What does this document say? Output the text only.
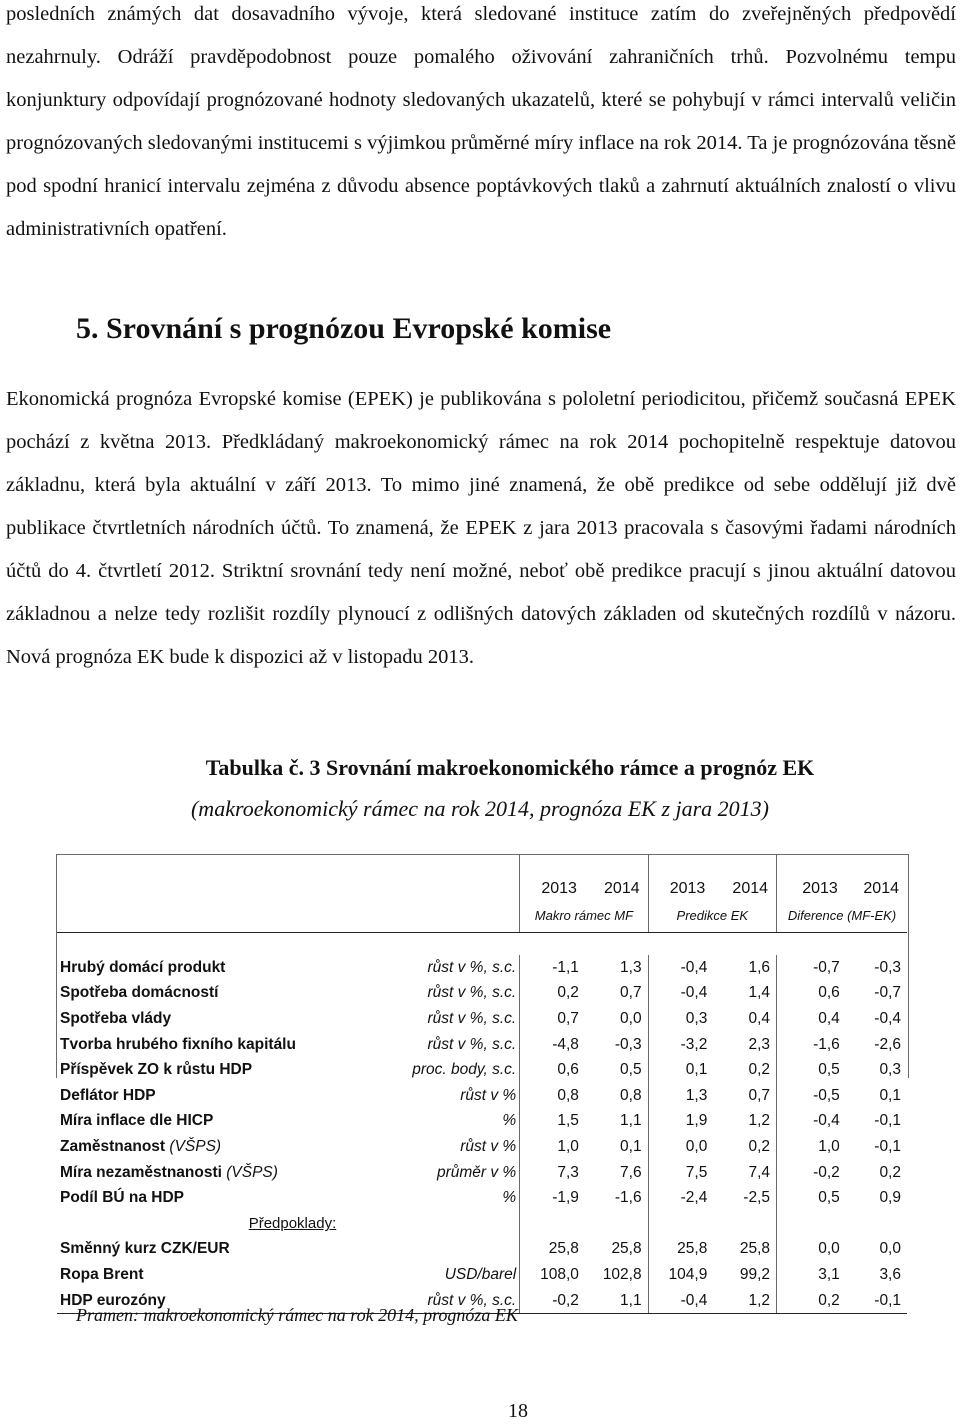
posledních známých dat dosavadního vývoje, která sledované instituce zatím do zveřejněných předpovědí nezahrnuly. Odráží pravděpodobnost pouze pomalého oživování zahraničních trhů. Pozvolnému tempu konjunktury odpovídají prognózované hodnoty sledovaných ukazatelů, které se pohybují v rámci intervalů veličin prognózovaných sledovanými institucemi s výjimkou průměrné míry inflace na rok 2014. Ta je prognózována těsně pod spodní hranicí intervalu zejména z důvodu absence poptávkových tlaků a zahrnutí aktuálních znalostí o vlivu administrativních opatření.

5. Srovnání s prognózou Evropské komise

Ekonomická prognóza Evropské komise (EPEK) je publikována s pololetní periodicitou, přičemž současná EPEK pochází z května 2013. Předkládaný makroekonomický rámec na rok 2014 pochopitelně respektuje datovou základnu, která byla aktuální v září 2013. To mimo jiné znamená, že obě predikce od sebe oddělují již dvě publikace čtvrtletních národních účtů. To znamená, že EPEK z jara 2013 pracovala s časovými řadami národních účtů do 4. čtvrtletí 2012. Striktní srovnání tedy není možné, neboť obě predikce pracují s jinou aktuální datovou základnou a nelze tedy rozlišit rozdíly plynoucí z odlišných datových základen od skutečných rozdílů v názoru. Nová prognóza EK bude k dispozici až v listopadu 2013.

Tabulka č. 3 Srovnání makroekonomického rámce a prognóz EK

(makroekonomický rámec na rok 2014, prognóza EK z jara 2013)

		2013	2014	2013	2014	2013	2014
		Makro rámec MF		Predikce EK		Diference (MF-EK)	

Hrubý domácí produkt	růst v %, s.c.	-1,1	1,3	-0,4	1,6	-0,7	-0,3
Spotřeba domácností	růst v %, s.c.	0,2	0,7	-0,4	1,4	0,6	-0,7
Spotřeba vlády	růst v %, s.c.	0,7	0,0	0,3	0,4	0,4	-0,4
Tvorba hrubého fixního kapitálu	růst v %, s.c.	-4,8	-0,3	-3,2	2,3	-1,6	-2,6
Příspěvek ZO k růstu HDP	proc. body, s.c.	0,6	0,5	0,1	0,2	0,5	0,3
Deflátor HDP	růst v %	0,8	0,8	1,3	0,7	-0,5	0,1
Míra inflace dle HICP	%	1,5	1,1	1,9	1,2	-0,4	-0,1
Zaměstnanost (VŠPS)	růst v %	1,0	0,1	0,0	0,2	1,0	-0,1
Míra nezaměstnanosti (VŠPS)	průměr v %	7,3	7,6	7,5	7,4	-0,2	0,2
Podíl BÚ na HDP	%	-1,9	-1,6	-2,4	-2,5	0,5	0,9
Předpoklady:							
Směnný kurz CZK/EUR		25,8	25,8	25,8	25,8	0,0	0,0
Ropa Brent	USD/barel	108,0	102,8	104,9	99,2	3,1	3,6
HDP eurozóny	růst v %, s.c.	-0,2	1,1	-0,4	1,2	0,2	-0,1

Pramen: makroekonomický rámec na rok 2014, prognóza EK

18
